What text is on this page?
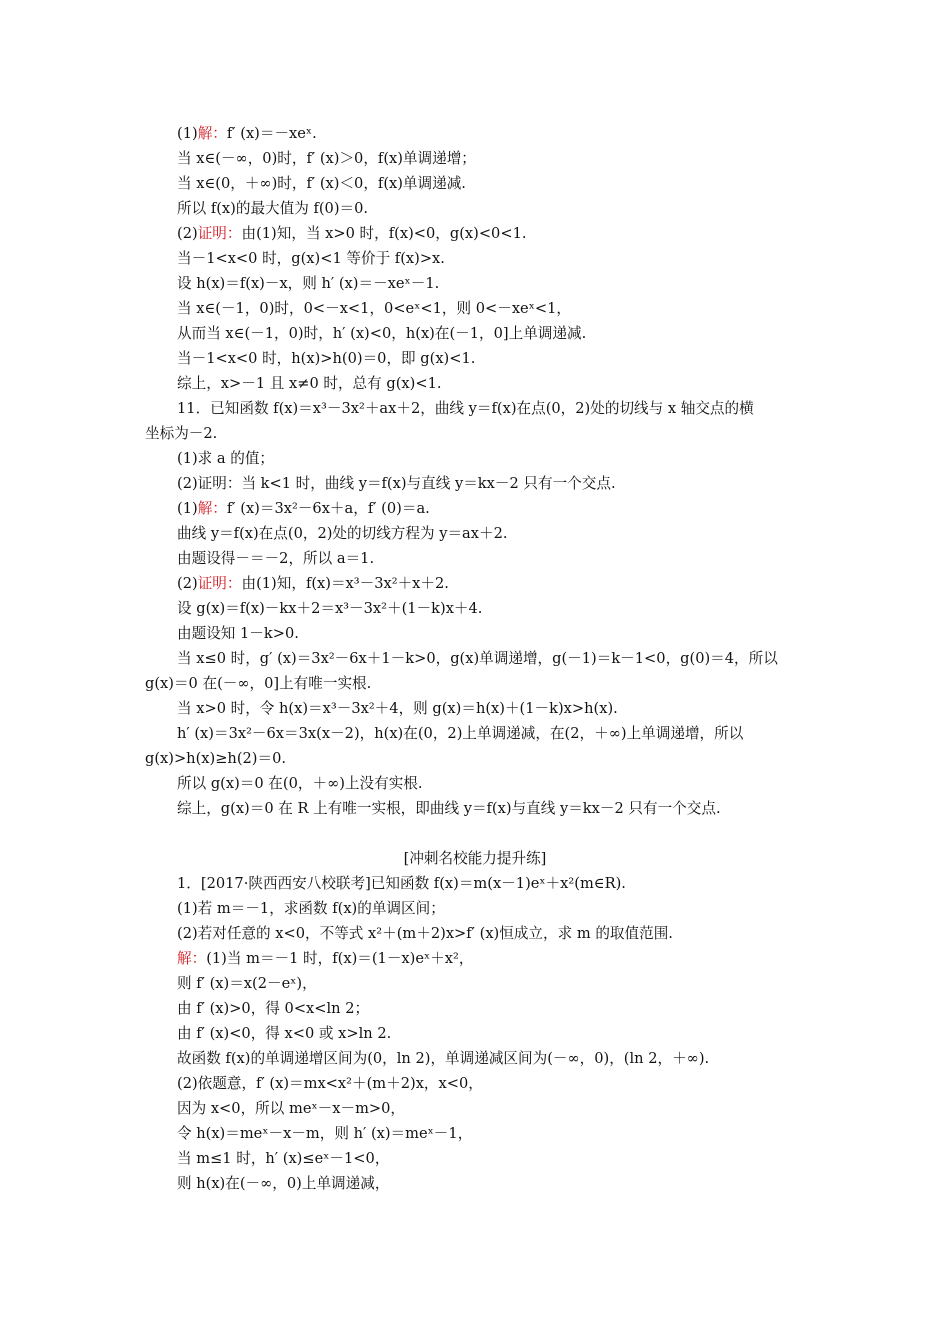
(1)解：f′ (x)＝－xeˣ.
当 x∈(－∞，0)时，f′ (x)＞0，f(x)单调递增；
当 x∈(0，＋∞)时，f′ (x)＜0，f(x)单调递减.
所以 f(x)的最大值为 f(0)＝0.
(2)证明：由(1)知，当 x>0 时，f(x)<0，g(x)<0<1.
当－1<x<0 时，g(x)<1 等价于 f(x)>x.
设 h(x)＝f(x)－x，则 h′ (x)＝－xeˣ－1.
当 x∈(－1，0)时，0<－x<1，0<eˣ<1，则 0<－xeˣ<1，
从而当 x∈(－1，0)时，h′ (x)<0，h(x)在(－1，0]上单调递减.
当－1<x<0 时，h(x)>h(0)＝0，即 g(x)<1.
综上，x>－1 且 x≠0 时，总有 g(x)<1.
11．已知函数 f(x)＝x³－3x²＋ax＋2，曲线 y＝f(x)在点(0，2)处的切线与 x 轴交点的横
坐标为－2.
(1)求 a 的值；
(2)证明：当 k<1 时，曲线 y＝f(x)与直线 y＝kx－2 只有一个交点.
(1)解：f′ (x)＝3x²－6x＋a，f′ (0)＝a.
曲线 y＝f(x)在点(0，2)处的切线方程为 y＝ax＋2.
由题设得－＝－2，所以 a＝1.
(2)证明：由(1)知，f(x)＝x³－3x²＋x＋2.
设 g(x)＝f(x)－kx＋2＝x³－3x²＋(1－k)x＋4.
由题设知 1－k>0.
当 x≤0 时，g′ (x)＝3x²－6x＋1－k>0，g(x)单调递增，g(－1)＝k－1<0，g(0)＝4，所以
g(x)＝0 在(－∞，0]上有唯一实根.
当 x>0 时，令 h(x)＝x³－3x²＋4，则 g(x)＝h(x)＋(1－k)x>h(x).
h′ (x)＝3x²－6x＝3x(x－2)，h(x)在(0，2)上单调递减，在(2，＋∞)上单调递增，所以
g(x)>h(x)≥h(2)＝0.
所以 g(x)＝0 在(0，＋∞)上没有实根.
综上，g(x)＝0 在 R 上有唯一实根，即曲线 y＝f(x)与直线 y＝kx－2 只有一个交点.
[冲刺名校能力提升练]
1．[2017·陕西西安八校联考]已知函数 f(x)＝m(x－1)eˣ＋x²(m∈R).
(1)若 m＝－1，求函数 f(x)的单调区间；
(2)若对任意的 x<0，不等式 x²＋(m＋2)x>f′ (x)恒成立，求 m 的取值范围.
解：(1)当 m＝－1 时，f(x)＝(1－x)eˣ＋x²，
则 f′ (x)＝x(2－eˣ)，
由 f′ (x)>0，得 0<x<ln 2；
由 f′ (x)<0，得 x<0 或 x>ln 2.
故函数 f(x)的单调递增区间为(0，ln 2)，单调递减区间为(－∞，0)，(ln 2，＋∞).
(2)依题意，f′ (x)＝mx<x²＋(m＋2)x，x<0，
因为 x<0，所以 meˣ－x－m>0，
令 h(x)＝meˣ－x－m，则 h′ (x)＝meˣ－1，
当 m≤1 时，h′ (x)≤eˣ－1<0，
则 h(x)在(－∞，0)上单调递减，
